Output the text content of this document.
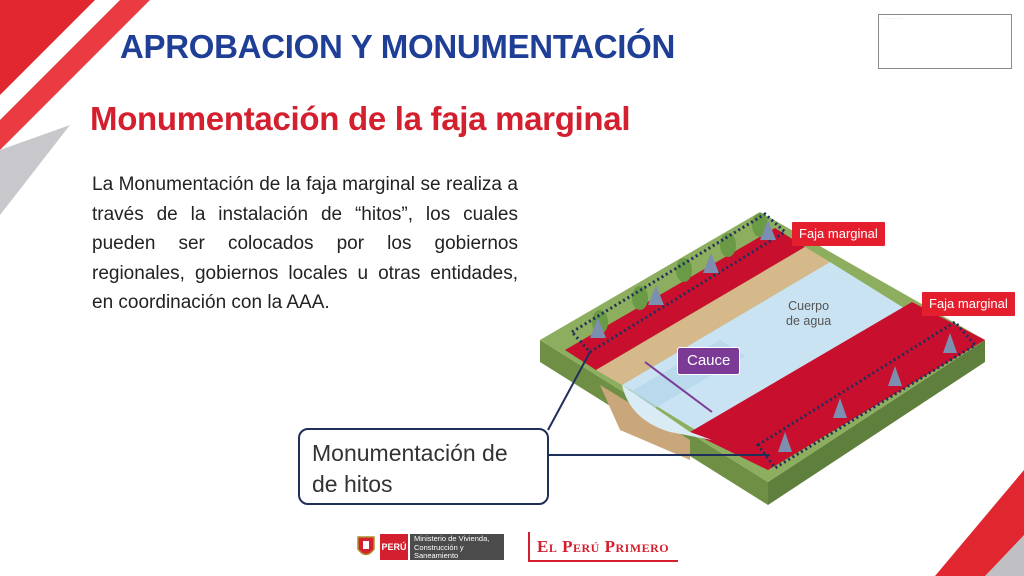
· · ··· ······· ·····
APROBACION Y MONUMENTACIÓN
Monumentación de la faja marginal
La Monumentación de la faja marginal se realiza a través de la instalación de “hitos”, los cuales pueden ser colocados por los gobiernos regionales, gobiernos locales u otras entidades, en coordinación con la AAA.
Faja marginal
Faja marginal
Cuerpo
de agua
Cauce
Monumentación de de hitos
PERÚ
Ministerio de Vivienda, Construcción y Saneamiento	El Perú Primero
